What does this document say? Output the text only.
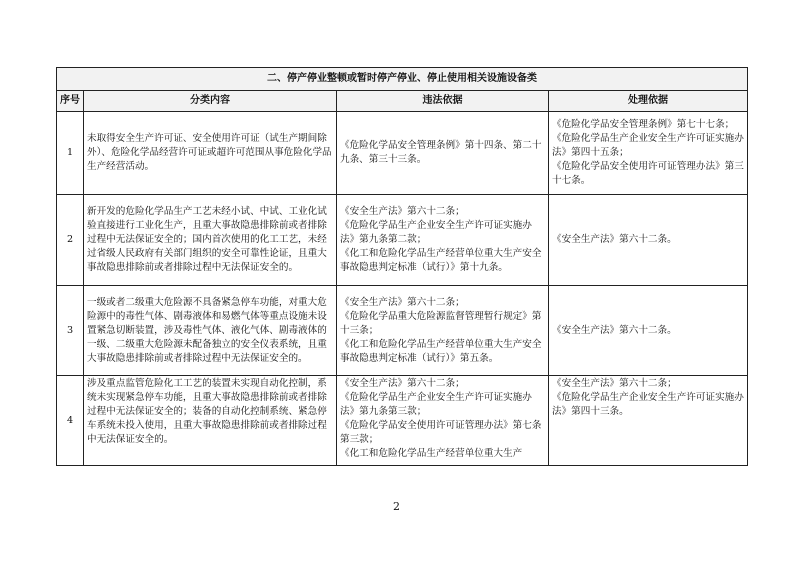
二、停产停业整顿或暂时停产停业、停止使用相关设施设备类			
序号	分类内容	违法依据	处理依据
1	未取得安全生产许可证、安全使用许可证（试生产期间除外）、危险化学品经营许可证或超许可范围从事危险化学品生产经营活动。	《危险化学品安全管理条例》第十四条、第二十九条、第三十三条。	《危险化学品安全管理条例》第七十七条；
《危险化学品生产企业安全生产许可证实施办法》第四十五条；
《危险化学品安全使用许可证管理办法》第三十七条。

2	新开发的危险化学品生产工艺未经小试、中试、工业化试验直接进行工业化生产，且重大事故隐患排除前或者排除过程中无法保证安全的；国内首次使用的化工工艺，未经过省级人民政府有关部门组织的安全可靠性论证，且重大事故隐患排除前或者排除过程中无法保证安全的。	《安全生产法》第六十二条；
《危险化学品生产企业安全生产许可证实施办法》第九条第二款；
《化工和危险化学品生产经营单位重大生产安全事故隐患判定标准（试行）》第十九条。	《安全生产法》第六十二条。

3	一级或者二级重大危险源不具备紧急停车功能，对重大危险源中的毒性气体、剧毒液体和易燃气体等重点设施未设置紧急切断装置，涉及毒性气体、液化气体、剧毒液体的一级、二级重大危险源未配备独立的安全仪表系统，且重大事故隐患排除前或者排除过程中无法保证安全的。	《安全生产法》第六十二条；
《危险化学品重大危险源监督管理暂行规定》第十三条；
《化工和危险化学品生产经营单位重大生产安全事故隐患判定标准（试行）》第五条。	《安全生产法》第六十二条。

4	涉及重点监管危险化工工艺的装置未实现自动化控制，系统未实现紧急停车功能，且重大事故隐患排除前或者排除过程中无法保证安全的；装备的自动化控制系统、紧急停车系统未投入使用，且重大事故隐患排除前或者排除过程中无法保证安全的。	《安全生产法》第六十二条；
《危险化学品生产企业安全生产许可证实施办法》第九条第三款；
《危险化学品安全使用许可证管理办法》第七条第三款；
《化工和危险化学品生产经营单位重大生产	《安全生产法》第六十二条；
《危险化学品生产企业安全生产许可证实施办法》第四十三条。
2
